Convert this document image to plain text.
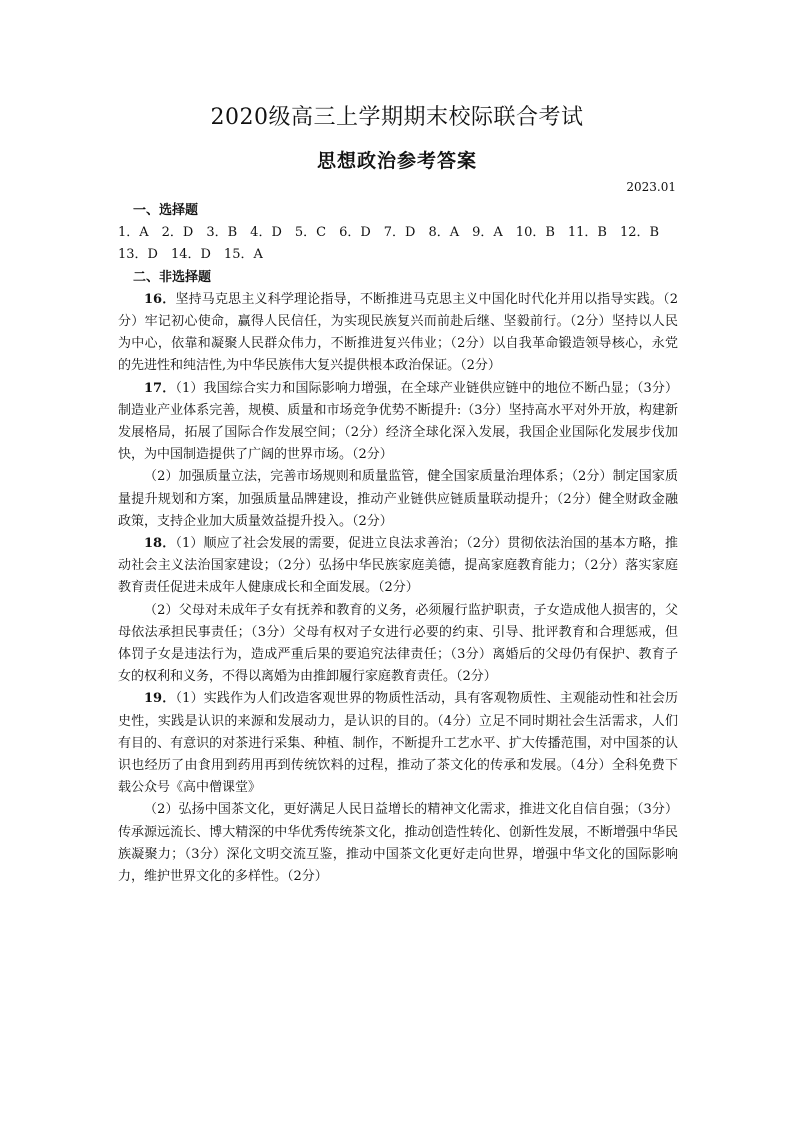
2020级高三上学期期末校际联合考试
思想政治参考答案
2023.01
一、选择题
1．A　2．D　3．B　4．D　5．C　6．D　7．D　8．A　9．A　10．B　11．B　12．B
13．D　14．D　15．A
二、非选择题

16．坚持马克思主义科学理论指导，不断推进马克思主义中国化时代化并用以指导实践。（2分）牢记初心使命，赢得人民信任，为实现民族复兴而前赴后继、坚毅前行。（2分）坚持以人民为中心，依靠和凝聚人民群众伟力，不断推进复兴伟业；（2分）以自我革命锻造领导核心，永党的先进性和纯洁性,为中华民族伟大复兴提供根本政治保证。（2分）

17．（1）我国综合实力和国际影响力增强，在全球产业链供应链中的地位不断凸显；（3分）制造业产业体系完善，规模、质量和市场竞争优势不断提升:（3分）坚持高水平对外开放，构建新发展格局，拓展了国际合作发展空间；（2分）经济全球化深入发展，我国企业国际化发展步伐加快，为中国制造提供了广阔的世界市场。（2分）

（2）加强质量立法，完善市场规则和质量监管，健全国家质量治理体系；（2分）制定国家质量提升规划和方案，加强质量品牌建设，推动产业链供应链质量联动提升；（2分）健全财政金融政策，支持企业加大质量效益提升投入。（2分）

18．（1）顺应了社会发展的需要，促进立良法求善治；（2分）贯彻依法治国的基本方略，推动社会主义法治国家建设；（2分）弘扬中华民族家庭美德，提高家庭教育能力；（2分）落实家庭教育责任促进未成年人健康成长和全面发展。（2分）

（2）父母对未成年子女有抚养和教育的义务，必须履行监护职责，子女造成他人损害的，父母依法承担民事责任；（3分）父母有权对子女进行必要的约束、引导、批评教育和合理惩戒，但体罚子女是违法行为，造成严重后果的要追究法律责任；（3分）离婚后的父母仍有保护、教育子女的权利和义务，不得以离婚为由推卸履行家庭教育责任。（2分）

19．（1）实践作为人们改造客观世界的物质性活动，具有客观物质性、主观能动性和社会历史性，实践是认识的来源和发展动力，是认识的目的。（4分）立足不同时期社会生活需求，人们有目的、有意识的对茶进行采集、种植、制作，不断提升工艺水平、扩大传播范围，对中国茶的认识也经历了由食用到药用再到传统饮料的过程，推动了茶文化的传承和发展。（4分）全科免费下载公众号《高中僧课堂》

（2）弘扬中国茶文化，更好满足人民日益增长的精神文化需求，推进文化自信自强；（3分）传承源远流长、博大精深的中华优秀传统茶文化，推动创造性转化、创新性发展，不断增强中华民族凝聚力；（3分）深化文明交流互鉴，推动中国茶文化更好走向世界，增强中华文化的国际影响力，维护世界文化的多样性。（2分）
